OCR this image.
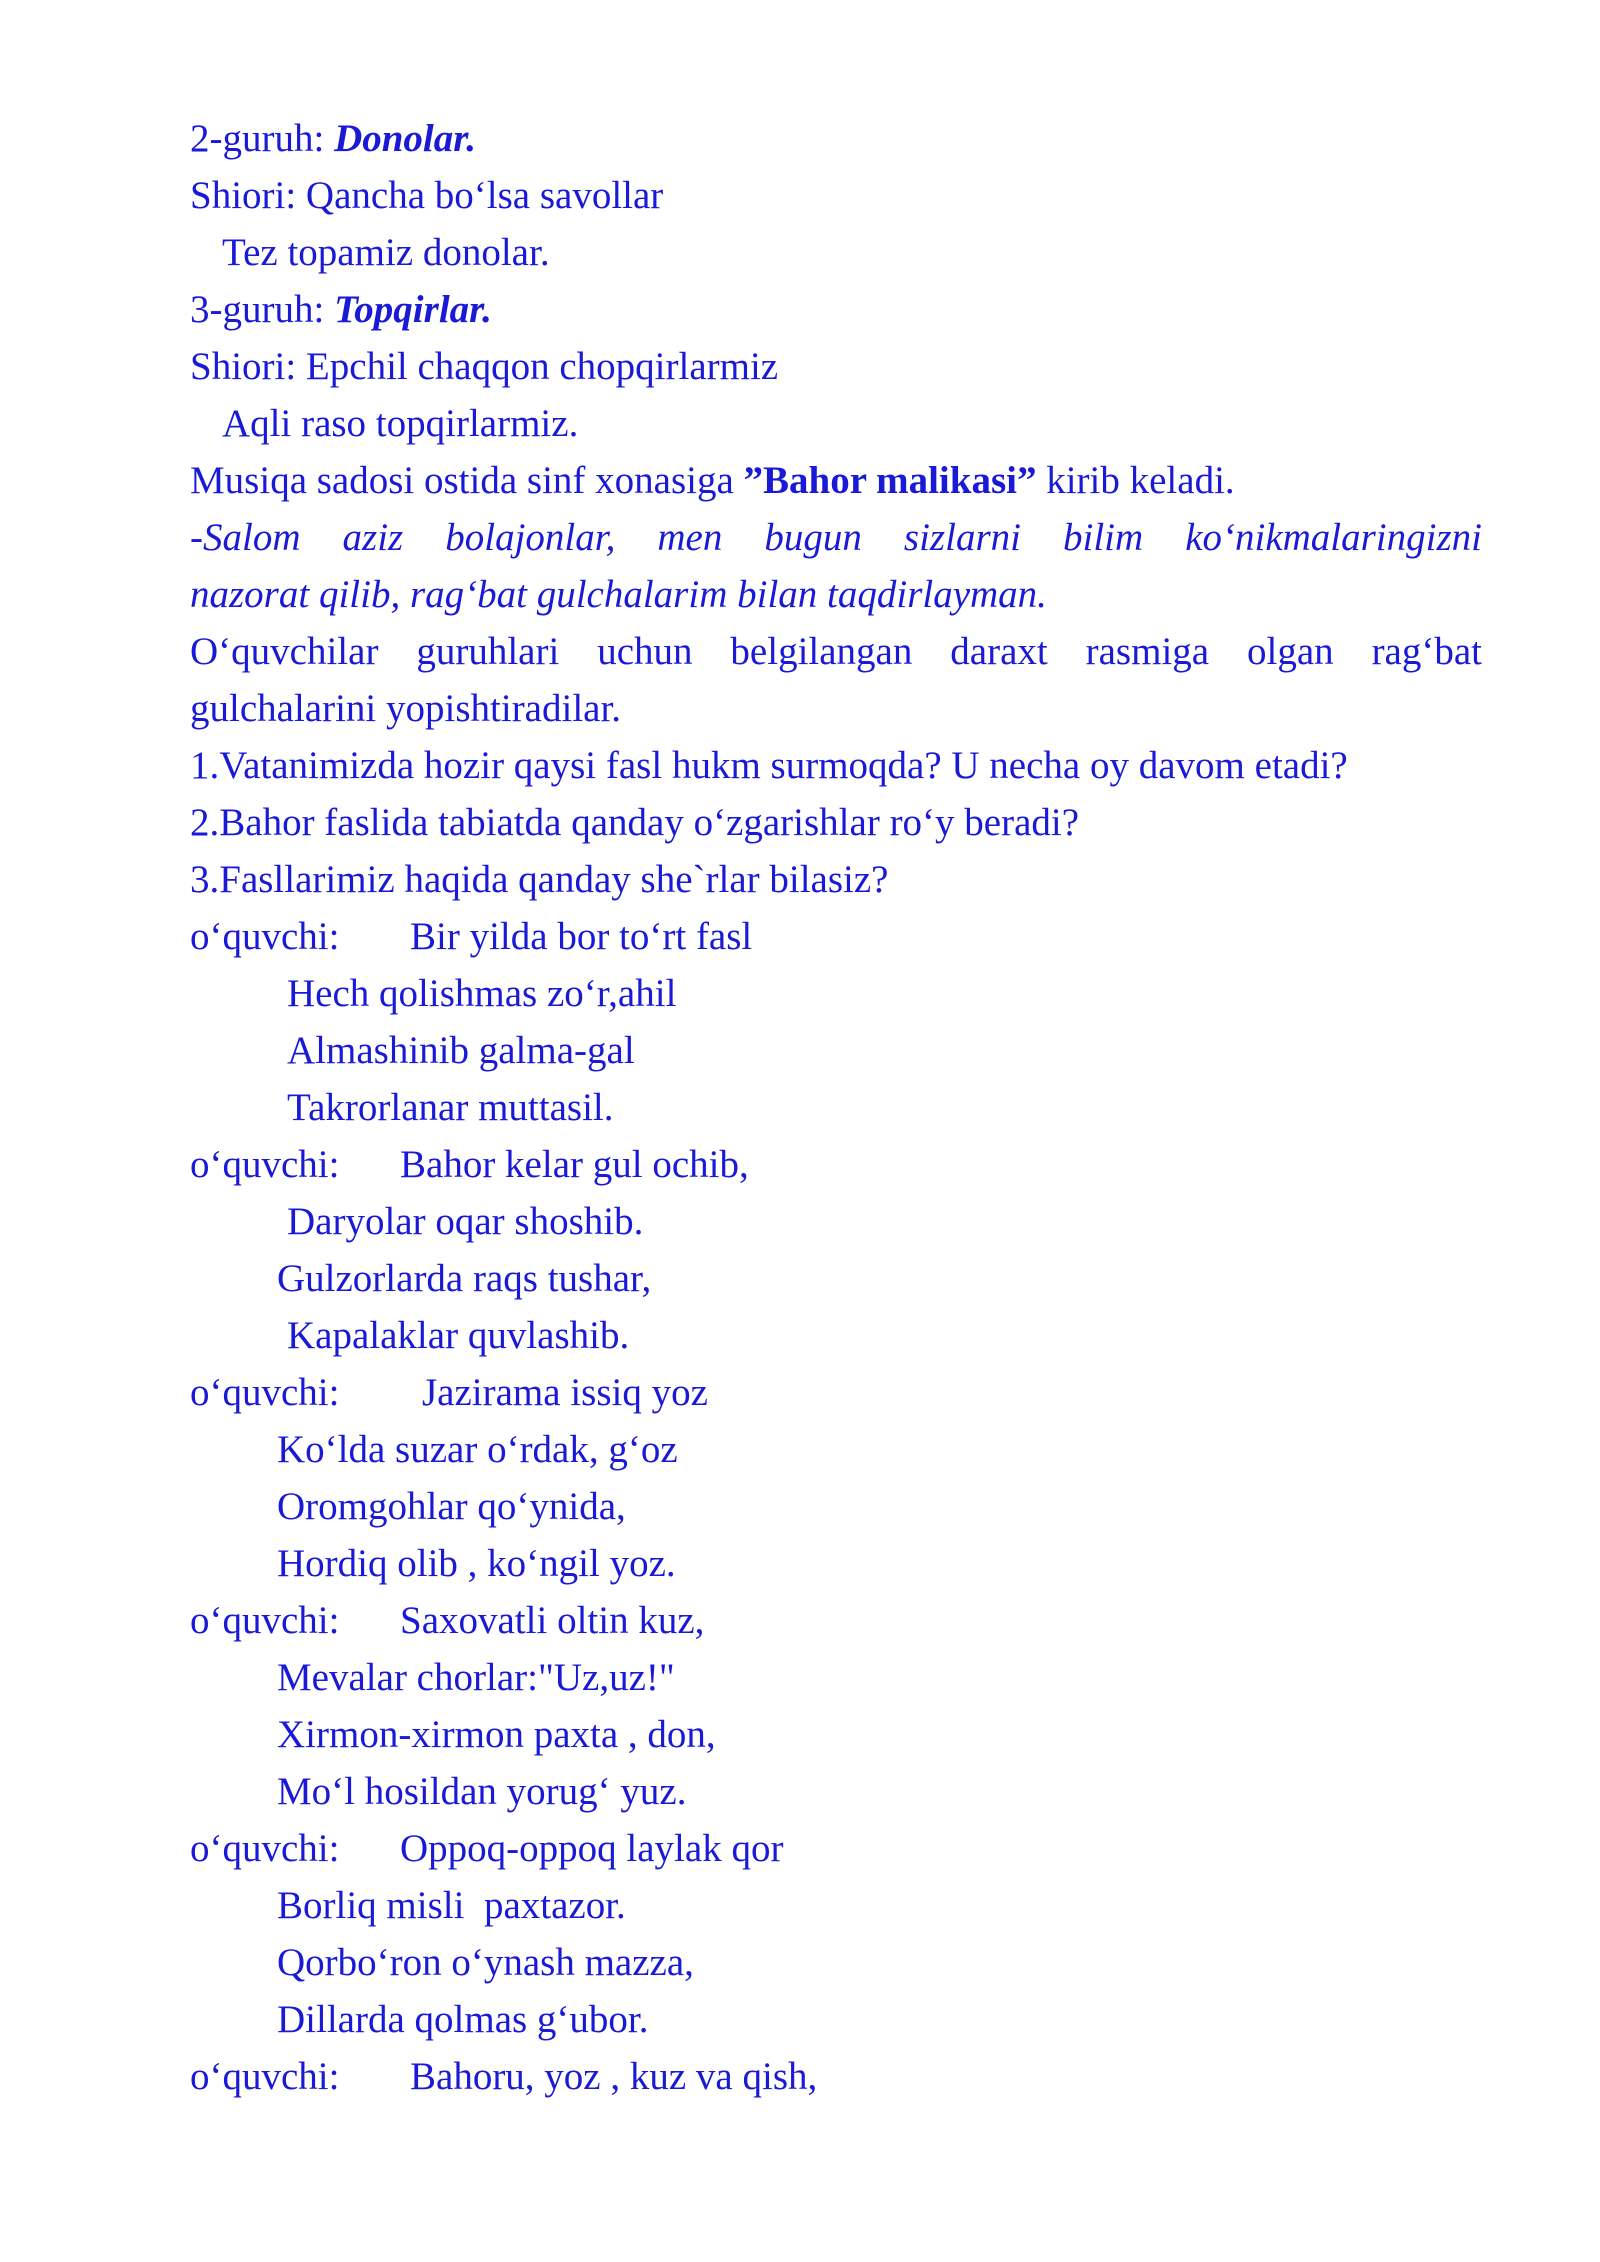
2-guruh: Donolar.
Shiori: Qancha bo‘lsa savollar
Tez topamiz donolar.
3-guruh: Topqirlar.
Shiori: Epchil chaqqon chopqirlarmiz
Aqli raso topqirlarmiz.
Musiqa sadosi ostida sinf xonasiga ”Bahor malikasi” kirib keladi.
-Salom aziz bolajonlar, men bugun sizlarni bilim ko‘nikmalaringizni
nazorat qilib, rag‘bat gulchalarim bilan taqdirlayman.
O‘quvchilar guruhlari uchun belgilangan daraxt rasmiga olgan rag‘bat
gulchalarini yopishtiradilar.
1.Vatanimizda hozir qaysi fasl hukm surmoqda? U necha oy davom etadi?
2.Bahor faslida tabiatda qanday o‘zgarishlar ro‘y beradi?
3.Fasllarimiz haqida qanday she`rlar bilasiz?
o‘quvchi: Bir yilda bor to‘rt fasl
Hech qolishmas zo‘r,ahil
Almashinib galma-gal
Takrorlanar muttasil.
o‘quvchi: Bahor kelar gul ochib,
Daryolar oqar shoshib.
Gulzorlarda raqs tushar,
Kapalaklar quvlashib.
o‘quvchi: Jazirama issiq yoz
Ko‘lda suzar o‘rdak, g‘oz
Oromgohlar qo‘ynida,
Hordiq olib , ko‘ngil yoz.
o‘quvchi: Saxovatli oltin kuz,
Mevalar chorlar:"Uz,uz!"
Xirmon-xirmon paxta , don,
Mo‘l hosildan yorug‘ yuz.
o‘quvchi: Oppoq-oppoq laylak qor
Borliq misli  paxtazor.
Qorbo‘ron o‘ynash mazza,
Dillarda qolmas g‘ubor.
o‘quvchi: Bahoru, yoz , kuz va qish,
